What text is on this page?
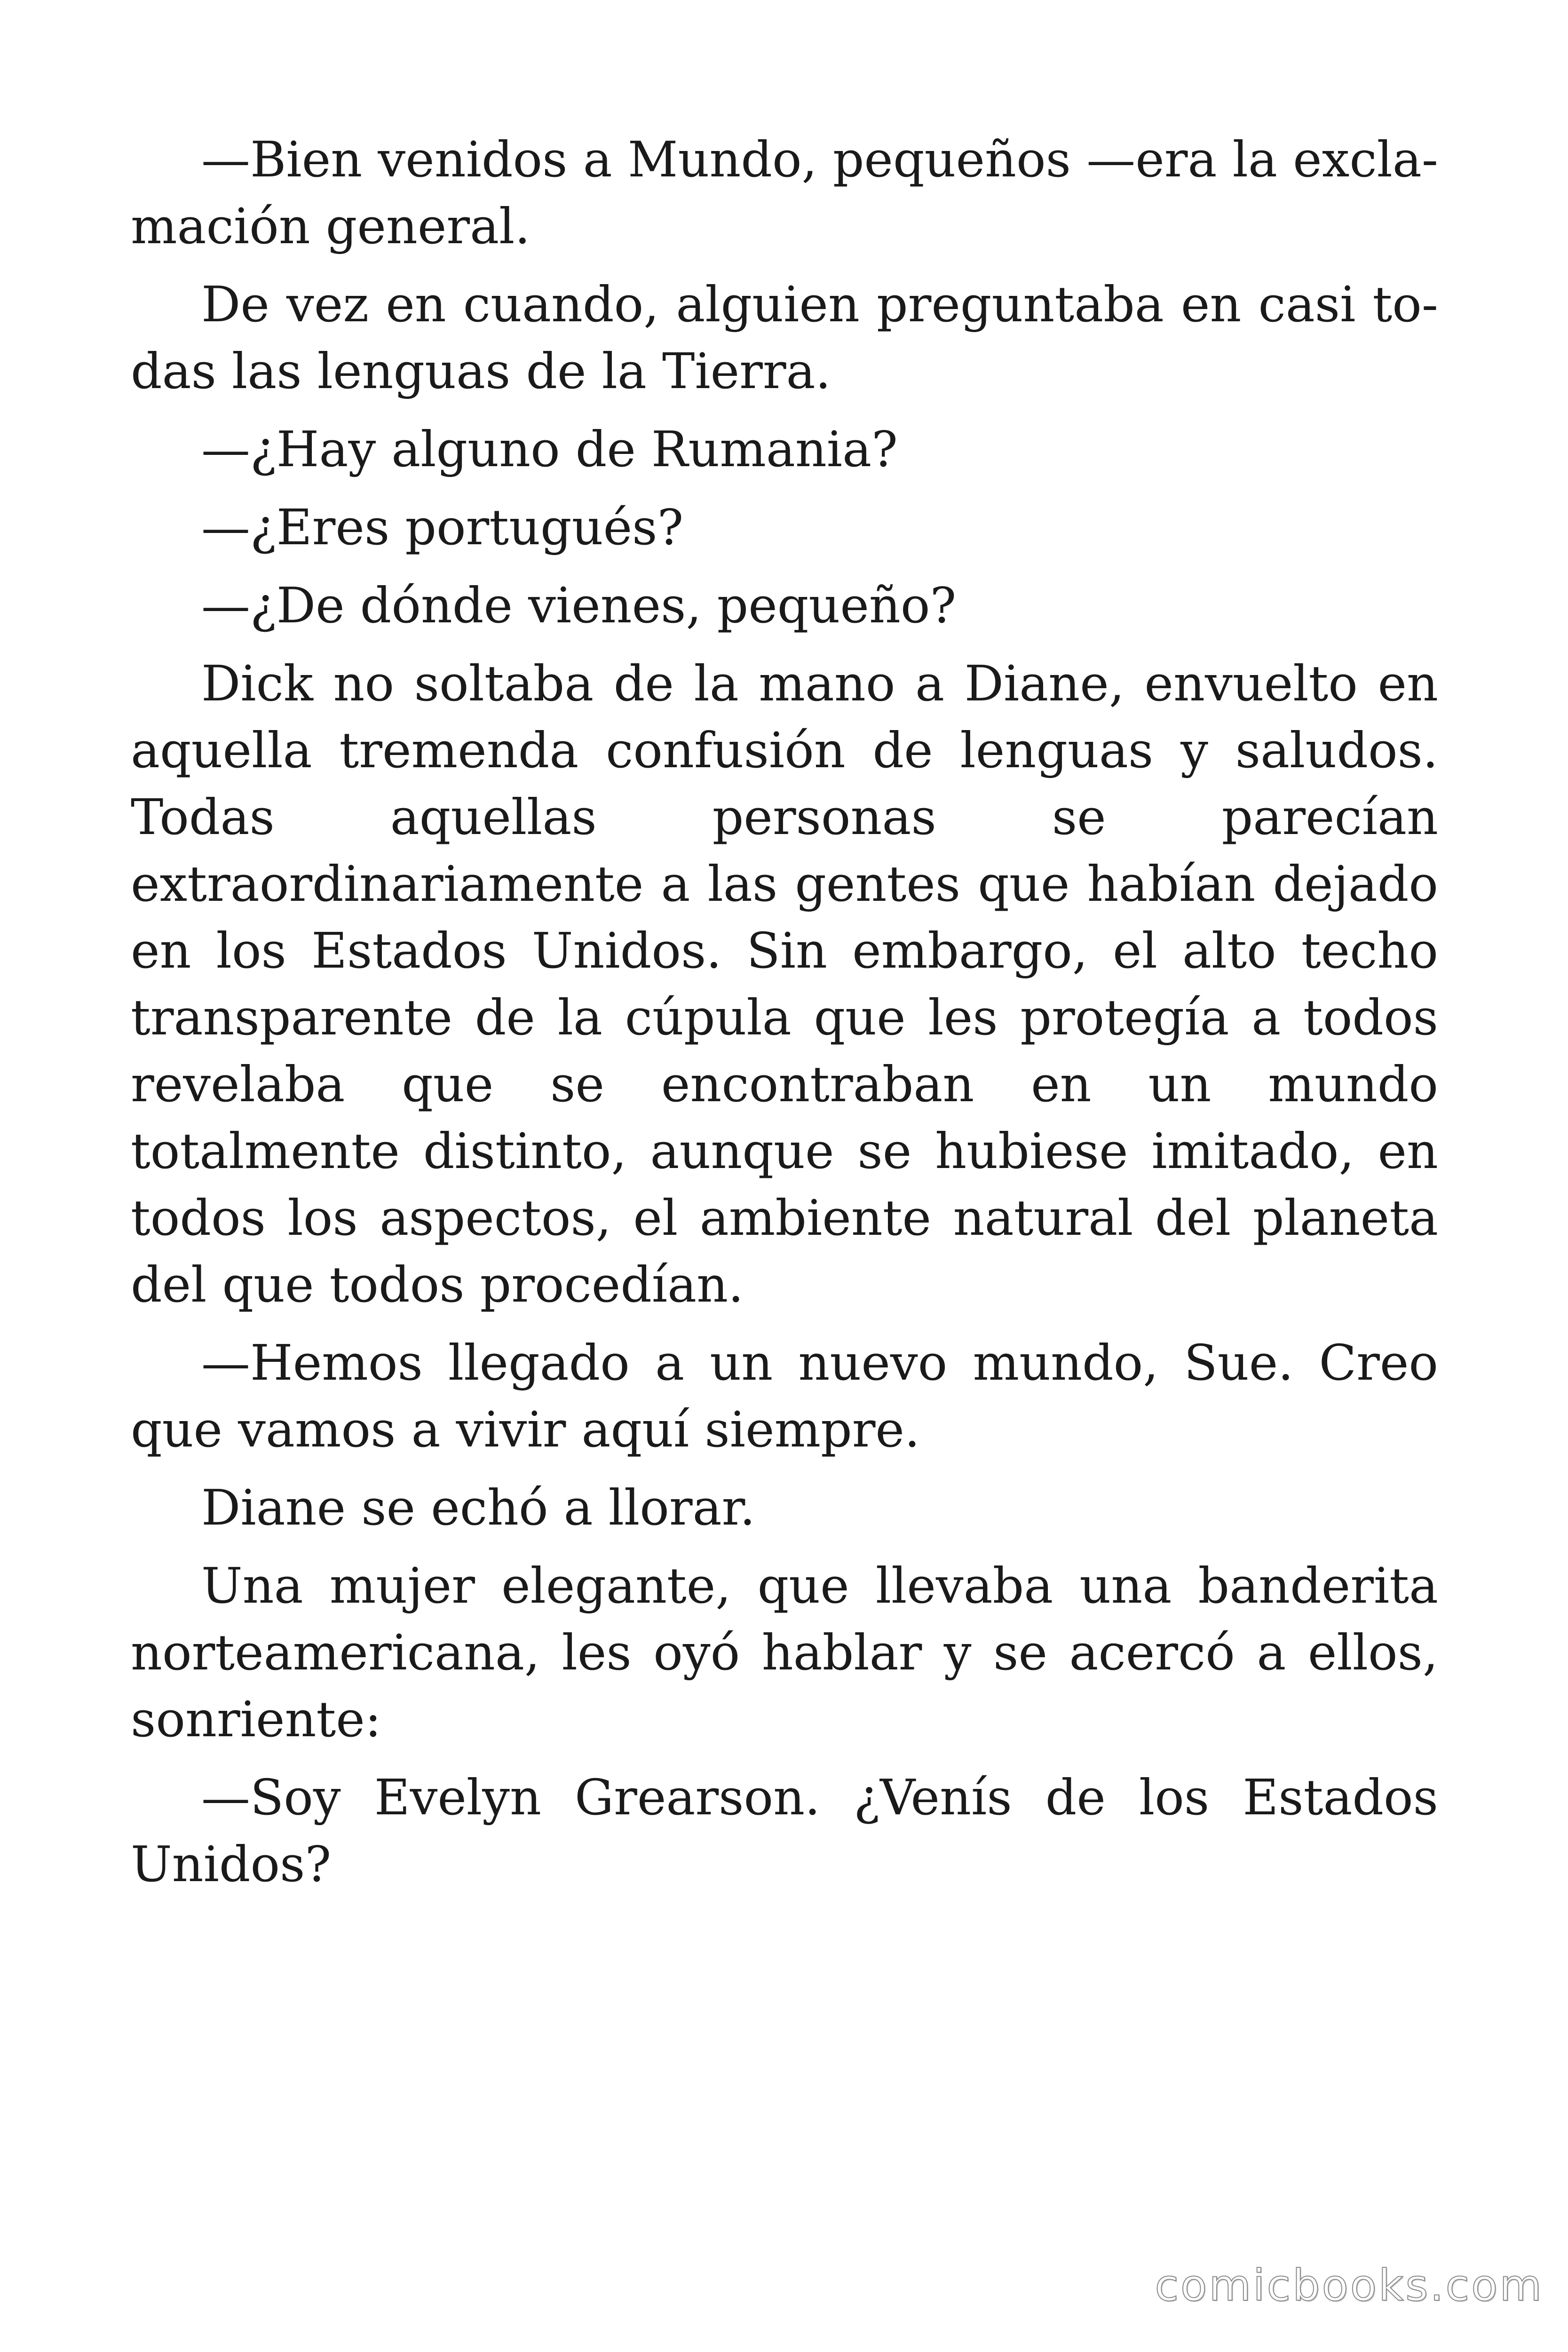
—Bien venidos a Mundo, pequeños —era la exclamación general.

De vez en cuando, alguien preguntaba en casi todas las lenguas de la Tierra.

—¿Hay alguno de Rumania?

—¿Eres portugués?

—¿De dónde vienes, pequeño?

Dick no soltaba de la mano a Diane, envuelto en aquella tremenda confusión de lenguas y saludos. Todas aquellas personas se parecían extraordinariamente a las gentes que habían dejado en los Estados Unidos. Sin embargo, el alto techo transparente de la cúpula que les protegía a todos revelaba que se encontraban en un mundo totalmente distinto, aunque se hubiese imitado, en todos los aspectos, el ambiente natural del planeta del que todos procedían.

—Hemos llegado a un nuevo mundo, Sue. Creo que vamos a vivir aquí siempre.

Diane se echó a llorar.

Una mujer elegante, que llevaba una banderita norteamericana, les oyó hablar y se acercó a ellos, sonriente:

—Soy Evelyn Grearson. ¿Venís de los Estados Unidos?

comicbooks.com
